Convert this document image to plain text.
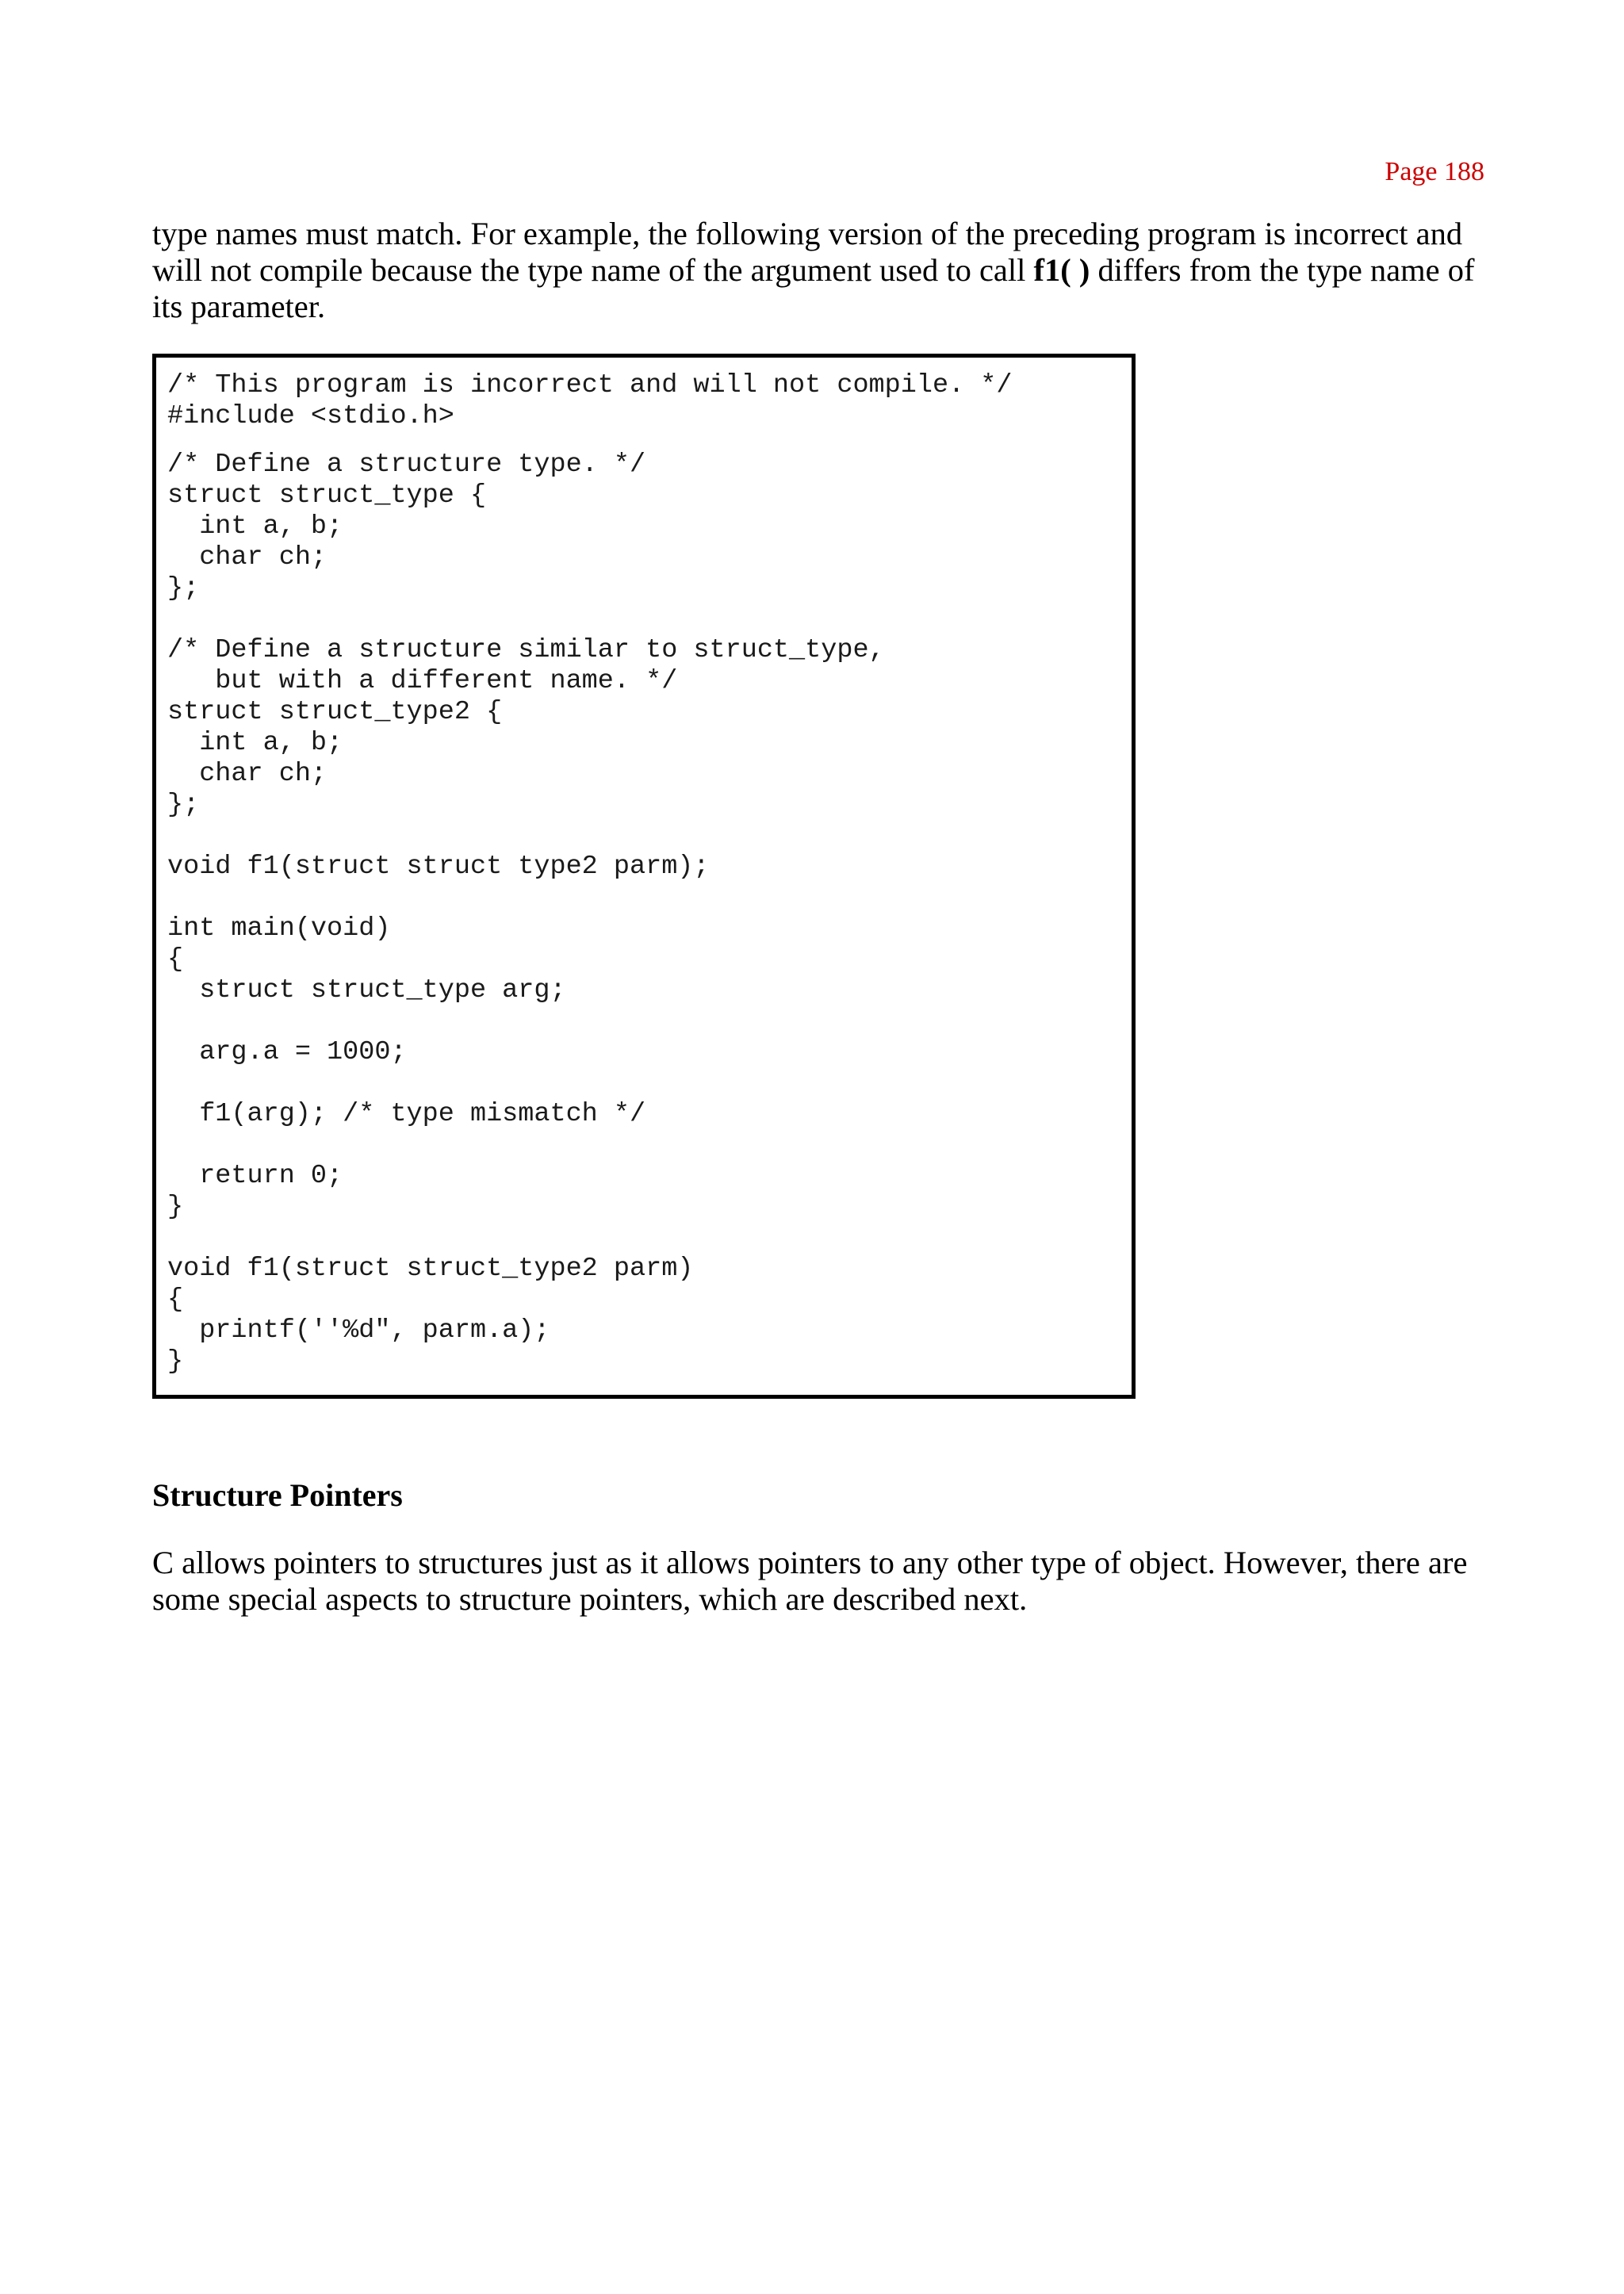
Page 188

type names must match. For example, the following version of the preceding program is incorrect and will not compile because the type name of the argument used to call f1( ) differs from the type name of its parameter.

/* This program is incorrect and will not compile. */
#include <stdio.h>
/* Define a structure type. */
struct struct_type {
int a, b;
char ch;
};
/* Define a structure similar to struct_type,
but with a different name. */
struct struct_type2 {
int a, b;
char ch;
};
void f1(struct struct type2 parm);
int main(void)
{
struct struct_type arg;
arg.a = 1000;
f1(arg); /* type mismatch */
return 0;
}
void f1(struct struct_type2 parm)
{
printf(''%d", parm.a);
}
Structure Pointers

C allows pointers to structures just as it allows pointers to any other type of object. However, there are some special aspects to structure pointers, which are described next.
